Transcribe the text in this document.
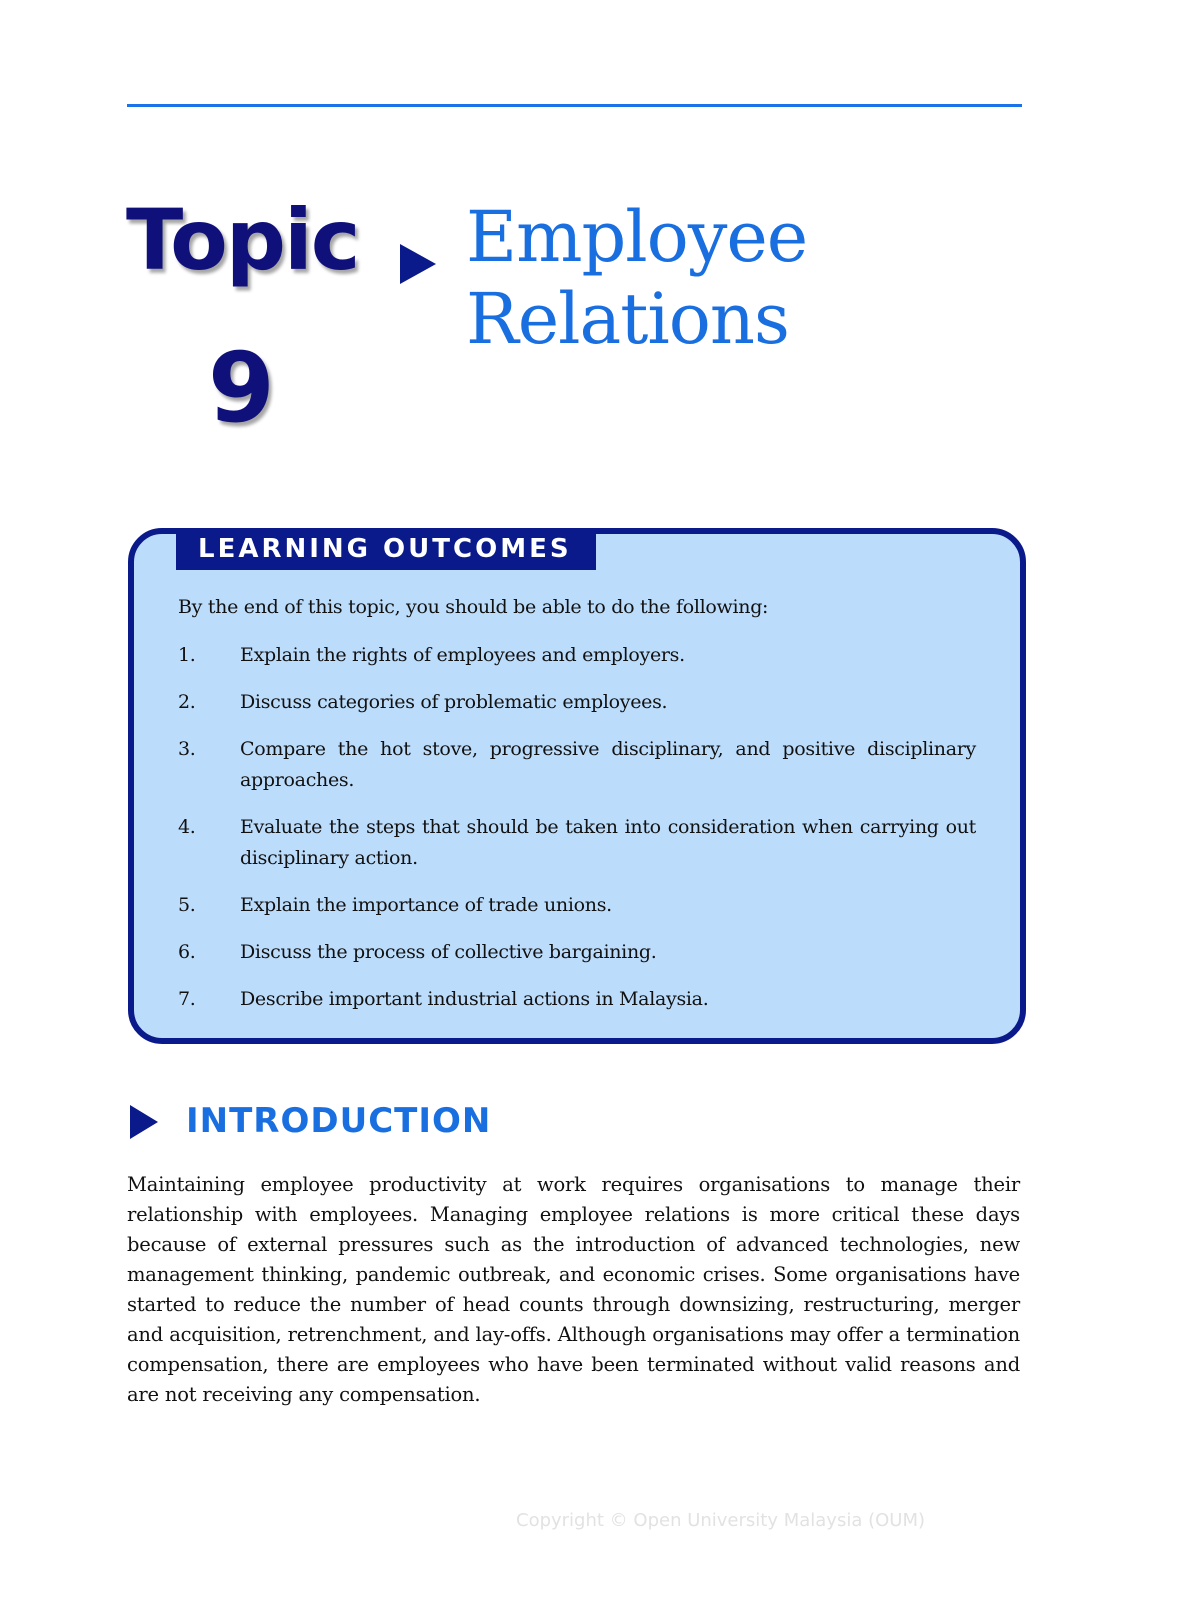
Topic
9
Employee
Relations
LEARNING OUTCOMES

By the end of this topic, you should be able to do the following:

1.	Explain the rights of employees and employers.
2.	Discuss categories of problematic employees.
3.	Compare the hot stove, progressive disciplinary, and positive disciplinary approaches.
4.	Evaluate the steps that should be taken into consideration when carrying out disciplinary action.
5.	Explain the importance of trade unions.
6.	Discuss the process of collective bargaining.
7.	Describe important industrial actions in Malaysia.
INTRODUCTION

Maintaining employee productivity at work requires organisations to manage their relationship with employees. Managing employee relations is more critical these days because of external pressures such as the introduction of advanced technologies, new management thinking, pandemic outbreak, and economic crises. Some organisations have started to reduce the number of head counts through downsizing, restructuring, merger and acquisition, retrenchment, and lay-offs. Although organisations may offer a termination compensation, there are employees who have been terminated without valid reasons and are not receiving any compensation.

Copyright © Open University Malaysia (OUM)
